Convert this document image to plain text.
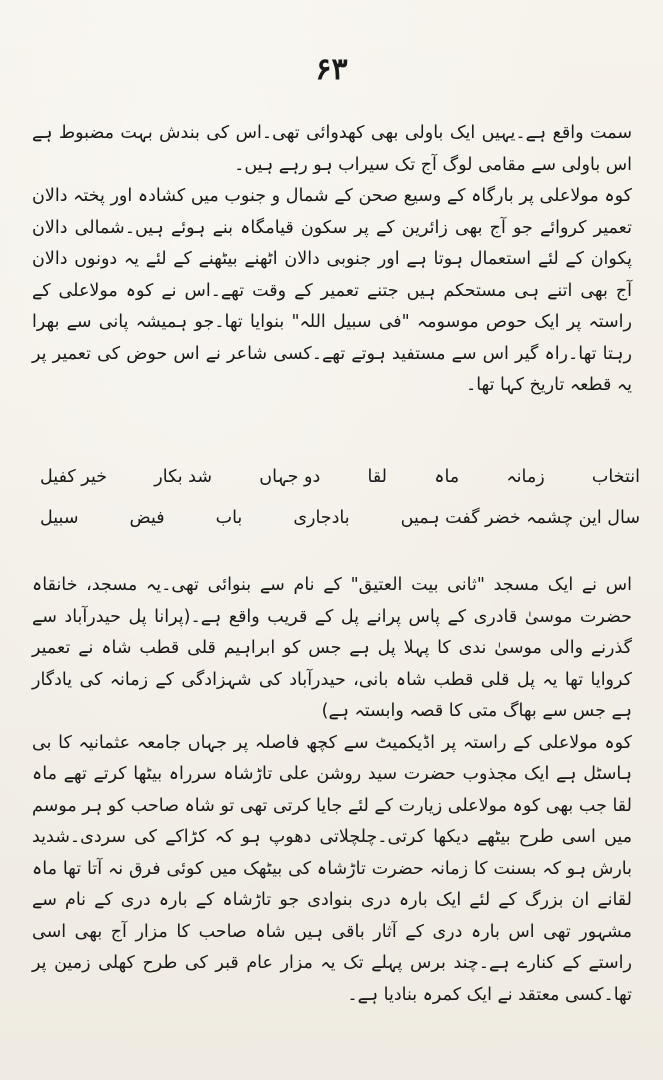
۶۳

سمت واقع ہے۔یہیں ایک باولی بھی کھدوائی تھی۔اس کی بندش بہت مضبوط ہے اس باولی سے مقامی لوگ آج تک سیراب ہو رہے ہیں۔

کوہ مولاعلی پر بارگاہ کے وسیع صحن کے شمال و جنوب میں کشادہ اور پختہ دالان تعمیر کروائے جو آج بھی زائرین کے پر سکون قیامگاہ بنے ہوئے ہیں۔شمالی دالان پکوان کے لئے استعمال ہوتا ہے اور جنوبی دالان اٹھنے بیٹھنے کے لئے یہ دونوں دالان آج بھی اتنے ہی مستحکم ہیں جتنے تعمیر کے وقت تھے۔اس نے کوہ مولاعلی کے راستہ پر ایک حوص موسومہ "فی سبیل اللہ" بنوایا تھا۔جو ہمیشہ پانی سے بھرا رہتا تھا۔راہ گیر اس سے مستفید ہوتے تھے۔کسی شاعر نے اس حوض کی تعمیر پر یہ قطعہ تاریخ کہا تھا۔

انتخاب
زمانہ
ماہ
لقا
دو جہاں
شد بکار
خیر کفیل
سال این چشمہ خضر گفت ہمیں
بادجاری
باب
فیض
سبیل

اس نے ایک مسجد "ثانی بیت العتیق" کے نام سے بنوائی تھی۔یہ مسجد، خانقاہ حضرت موسیٰ قادری کے پاس پرانے پل کے قریب واقع ہے۔(پرانا پل حیدرآباد سے گذرنے والی موسیٰ ندی کا پہلا پل ہے جس کو ابراہیم قلی قطب شاہ نے تعمیر کروایا تھا یہ پل قلی قطب شاہ بانی، حیدرآباد کی شہزادگی کے زمانہ کی یادگار ہے جس سے بھاگ متی کا قصہ وابستہ ہے)

کوہ مولاعلی کے راستہ پر اڈیکمیٹ سے کچھ فاصلہ پر جہاں جامعہ عثمانیہ کا بی ہاسٹل ہے ایک مجذوب حضرت سید روشن علی تاڑشاہ سرراہ بیٹھا کرتے تھے ماہ لقا جب بھی کوہ مولاعلی زیارت کے لئے جایا کرتی تھی تو شاہ صاحب کو ہر موسم میں اسی طرح بیٹھے دیکھا کرتی۔چلچلاتی دھوپ ہو کہ کڑاکے کی سردی۔شدید بارش ہو کہ بسنت کا زمانہ حضرت تاڑشاہ کی بیٹھک میں کوئی فرق نہ آتا تھا ماہ لقانے ان بزرگ کے لئے ایک بارہ دری بنوادی جو تاڑشاہ کے بارہ دری کے نام سے مشہور تھی اس بارہ دری کے آثار باقی ہیں شاہ صاحب کا مزار آج بھی اسی راستے کے کنارے ہے۔چند برس پہلے تک یہ مزار عام قبر کی طرح کھلی زمین پر تھا۔کسی معتقد نے ایک کمرہ بنادیا ہے۔
